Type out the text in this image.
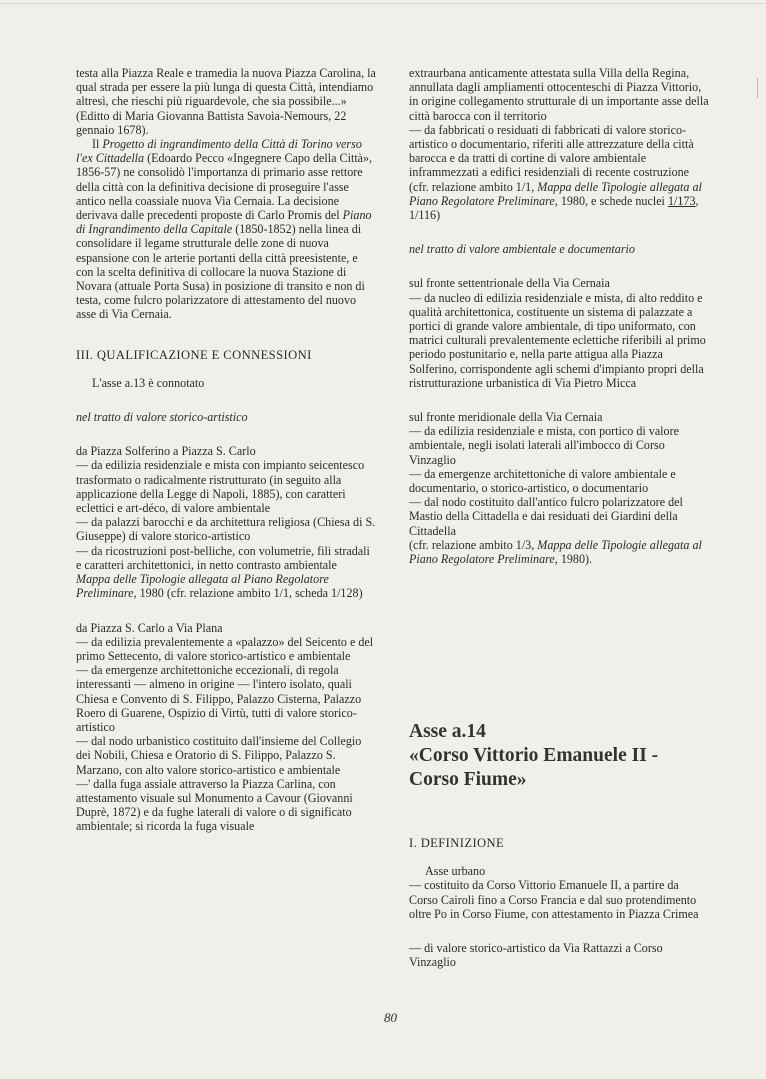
testa alla Piazza Reale e tramedia la nuova Piazza Carolina, la qual strada per essere la più lunga di questa Città, intendiamo altresì, che rieschi più riguardevole, che sia possibile...» (Editto di Maria Giovanna Battista Savoia-Nemours, 22 gennaio 1678).

Il Progetto di ingrandimento della Città di Torino verso l'ex Cittadella (Edoardo Pecco «Ingegnere Capo della Città», 1856-57) ne consolidò l'importanza di primario asse rettore della città con la definitiva decisione di proseguire l'asse antico nella coassiale nuova Via Cernaia. La decisione derivava dalle precedenti proposte di Carlo Promis del Piano di Ingrandimento della Capitale (1850-1852) nella linea di consolidare il legame strutturale delle zone di nuova espansione con le arterie portanti della città preesistente, e con la scelta definitiva di collocare la nuova Stazione di Novara (attuale Porta Susa) in posizione di transito e non di testa, come fulcro polarizzatore di attestamento del nuovo asse di Via Cernaia.

III. QUALIFICAZIONE E CONNESSIONI

L'asse a.13 è connotato

nel tratto di valore storico-artistico

da Piazza Solferino a Piazza S. Carlo

— da edilizia residenziale e mista con impianto seicentesco trasformato o radicalmente ristrutturato (in seguito alla applicazione della Legge di Napoli, 1885), con caratteri eclettici e art-déco, di valore ambientale

— da palazzi barocchi e da architettura religiosa (Chiesa di S. Giuseppe) di valore storico-artistico

— da ricostruzioni post-belliche, con volumetrie, fili stradali e caratteri architettonici, in netto contrasto ambientale

Mappa delle Tipologie allegata al Piano Regolatore Preliminare, 1980 (cfr. relazione ambito 1/1, scheda 1/128)

da Piazza S. Carlo a Via Plana

— da edilizia prevalentemente a «palazzo» del Seicento e del primo Settecento, di valore storico-artistico e ambientale

— da emergenze architettoniche eccezionali, di regola interessanti — almeno in origine — l'intero isolato, quali Chiesa e Convento di S. Filippo, Palazzo Cisterna, Palazzo Roero di Guarene, Ospizio di Virtù, tutti di valore storico-artistico

— dal nodo urbanistico costituito dall'insieme del Collegio dei Nobili, Chiesa e Oratorio di S. Filippo, Palazzo S. Marzano, con alto valore storico-artistico e ambientale

—' dalla fuga assiale attraverso la Piazza Carlina, con attestamento visuale sul Monumento a Cavour (Giovanni Duprè, 1872) e da fughe laterali di valore o di significato ambientale; si ricorda la fuga visuale

extraurbana anticamente attestata sulla Villa della Regina, annullata dagli ampliamenti ottocenteschi di Piazza Vittorio, in origine collegamento strutturale di un importante asse della città barocca con il territorio

— da fabbricati o residuati di fabbricati di valore storico-artistico o documentario, riferiti alle attrezzature della città barocca e da tratti di cortine di valore ambientale inframmezzati a edifici residenziali di recente costruzione

(cfr. relazione ambito 1/1, Mappa delle Tipologie allegata al Piano Regolatore Preliminare, 1980, e schede nuclei 1/173, 1/116)

nel tratto di valore ambientale e documentario

sul fronte settentrionale della Via Cernaia

— da nucleo di edilizia residenziale e mista, di alto reddito e qualità architettonica, costituente un sistema di palazzate a portici di grande valore ambientale, di tipo uniformato, con matrici culturali prevalentemente eclettiche riferibili al primo periodo postunitario e, nella parte attigua alla Piazza Solferino, corrispondente agli schemi d'impianto propri della ristrutturazione urbanistica di Via Pietro Micca

sul fronte meridionale della Via Cernaia

— da edilizia residenziale e mista, con portico di valore ambientale, negli isolati laterali all'imbocco di Corso Vinzaglio

— da emergenze architettoniche di valore ambientale e documentario, o storico-artistico, o documentario

— dal nodo costituito dall'antico fulcro polarizzatore del Mastio della Cittadella e dai residuati dei Giardini della Cittadella

(cfr. relazione ambito 1/3, Mappa delle Tipologie allegata al Piano Regolatore Preliminare, 1980).

Asse a.14

«Corso Vittorio Emanuele II -

Corso Fiume»

I. DEFINIZIONE

Asse urbano

— costituito da Corso Vittorio Emanuele II, a partire da Corso Cairoli fino a Corso Francia e dal suo protendimento oltre Po in Corso Fiume, con attestamento in Piazza Crimea

— di valore storico-artistico da Via Rattazzi a Corso Vinzaglio

80
